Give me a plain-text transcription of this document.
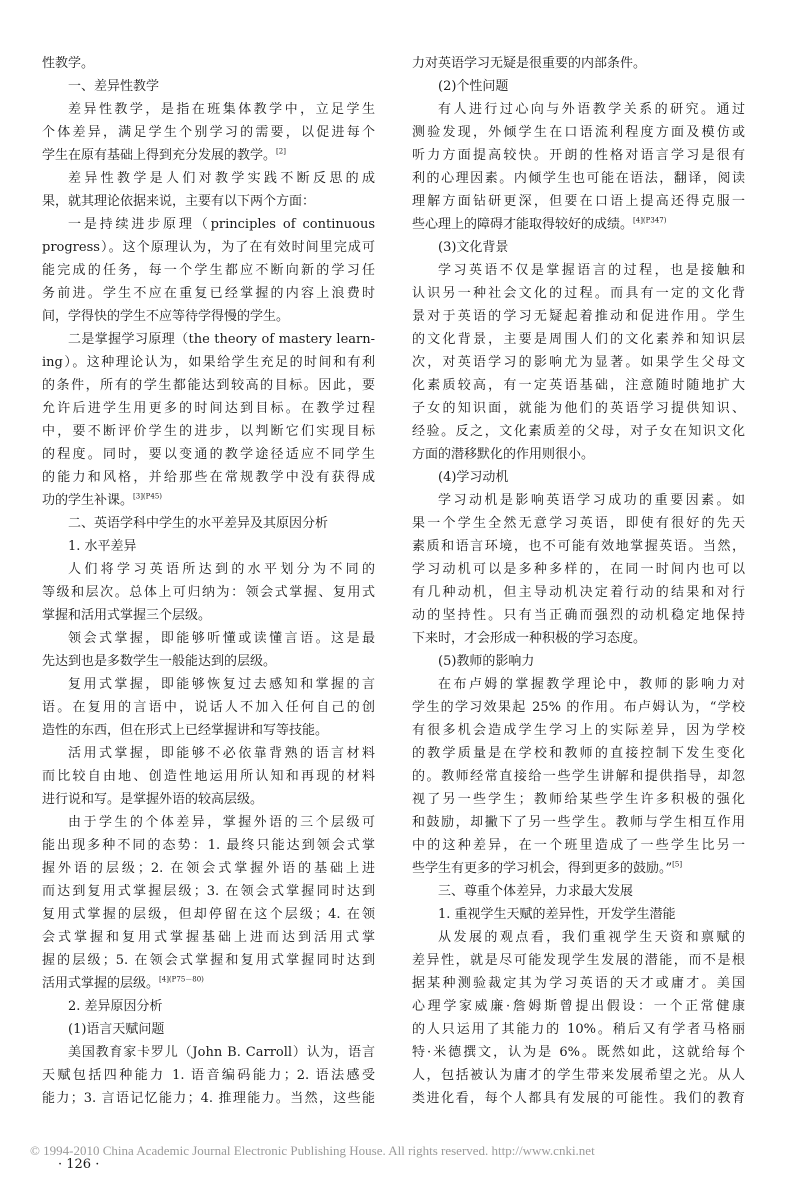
性教学。
一、差异性教学
差异性教学，是指在班集体教学中，立足学生
个体差异，满足学生个别学习的需要，以促进每个
学生在原有基础上得到充分发展的教学。[2]
差异性教学是人们对教学实践不断反思的成
果，就其理论依据来说，主要有以下两个方面：
一是持续进步原理（principles of continuous
progress）。这个原理认为，为了在有效时间里完成可
能完成的任务，每一个学生都应不断向新的学习任
务前进。学生不应在重复已经掌握的内容上浪费时
间，学得快的学生不应等待学得慢的学生。
二是掌握学习原理（the theory of mastery learn-
ing）。这种理论认为，如果给学生充足的时间和有利
的条件，所有的学生都能达到较高的目标。因此，要
允许后进学生用更多的时间达到目标。在教学过程
中，要不断评价学生的进步，以判断它们实现目标
的程度。同时，要以变通的教学途径适应不同学生
的能力和风格，并给那些在常规教学中没有获得成
功的学生补课。$^{[3](P45)}$
二、英语学科中学生的水平差异及其原因分析
1. 水平差异
人们将学习英语所达到的水平划分为不同的
等级和层次。总体上可归纳为：领会式掌握、复用式
掌握和活用式掌握三个层级。
领会式掌握，即能够听懂或读懂言语。这是最
先达到也是多数学生一般能达到的层级。
复用式掌握，即能够恢复过去感知和掌握的言
语。在复用的言语中，说话人不加入任何自己的创
造性的东西，但在形式上已经掌握讲和写等技能。
活用式掌握，即能够不必依靠背熟的语言材料
而比较自由地、创造性地运用所认知和再现的材料
进行说和写。是掌握外语的较高层级。
由于学生的个体差异，掌握外语的三个层级可
能出现多种不同的态势：1. 最终只能达到领会式掌
握外语的层级；2. 在领会式掌握外语的基础上进
而达到复用式掌握层级；3. 在领会式掌握同时达到
复用式掌握的层级，但却停留在这个层级；4. 在领
会式掌握和复用式掌握基础上进而达到活用式掌
握的层级；5. 在领会式掌握和复用式掌握同时达到
活用式掌握的层级。$^{[4](P75-80)}$
2. 差异原因分析
(1)语言天赋问题
美国教育家卡罗儿（John B. Carroll）认为，语言
天赋包括四种能力 1. 语音编码能力；2. 语法感受
能力；3. 言语记忆能力；4. 推理能力。当然，这些能
力对英语学习无疑是很重要的内部条件。
(2)个性问题
有人进行过心向与外语教学关系的研究。通过
测验发现，外倾学生在口语流利程度方面及模仿或
听力方面提高较快。开朗的性格对语言学习是很有
利的心理因素。内倾学生也可能在语法，翻译，阅读
理解方面钻研更深，但要在口语上提高还得克服一
些心理上的障碍才能取得较好的成绩。$^{[4](P347)}$
(3)文化背景
学习英语不仅是掌握语言的过程，也是接触和
认识另一种社会文化的过程。而具有一定的文化背
景对于英语的学习无疑起着推动和促进作用。学生
的文化背景，主要是周围人们的文化素养和知识层
次，对英语学习的影响尤为显著。如果学生父母文
化素质较高，有一定英语基础，注意随时随地扩大
子女的知识面，就能为他们的英语学习提供知识、
经验。反之，文化素质差的父母，对子女在知识文化
方面的潜移默化的作用则很小。
(4)学习动机
学习动机是影响英语学习成功的重要因素。如
果一个学生全然无意学习英语，即使有很好的先天
素质和语言环境，也不可能有效地掌握英语。当然，
学习动机可以是多种多样的，在同一时间内也可以
有几种动机，但主导动机决定着行动的结果和对行
动的坚持性。只有当正确而强烈的动机稳定地保持
下来时，才会形成一种积极的学习态度。
(5)教师的影响力
在布卢姆的掌握教学理论中，教师的影响力对
学生的学习效果起 25% 的作用。布卢姆认为，“学校
有很多机会造成学生学习上的实际差异，因为学校
的教学质量是在学校和教师的直接控制下发生变化
的。教师经常直接给一些学生讲解和提供指导，却忽
视了另一些学生；教师给某些学生许多积极的强化
和鼓励，却撇下了另一些学生。教师与学生相互作用
中的这种差异，在一个班里造成了一些学生比另一
些学生有更多的学习机会，得到更多的鼓励。”[5]
三、尊重个体差异，力求最大发展
1. 重视学生天赋的差异性，开发学生潜能
从发展的观点看，我们重视学生天资和禀赋的
差异性，就是尽可能发现学生发展的潜能，而不是根
据某种测验裁定其为学习英语的天才或庸才。美国
心理学家威廉·詹姆斯曾提出假设：一个正常健康
的人只运用了其能力的 10%。稍后又有学者马格丽
特·米德撰文，认为是 6%。既然如此，这就给每个
人，包括被认为庸才的学生带来发展希望之光。从人
类进化看，每个人都具有发展的可能性。我们的教育
© 1994-2010 China Academic Journal Electronic Publishing House. All rights reserved. http://www.cnki.net
· 126 ·
